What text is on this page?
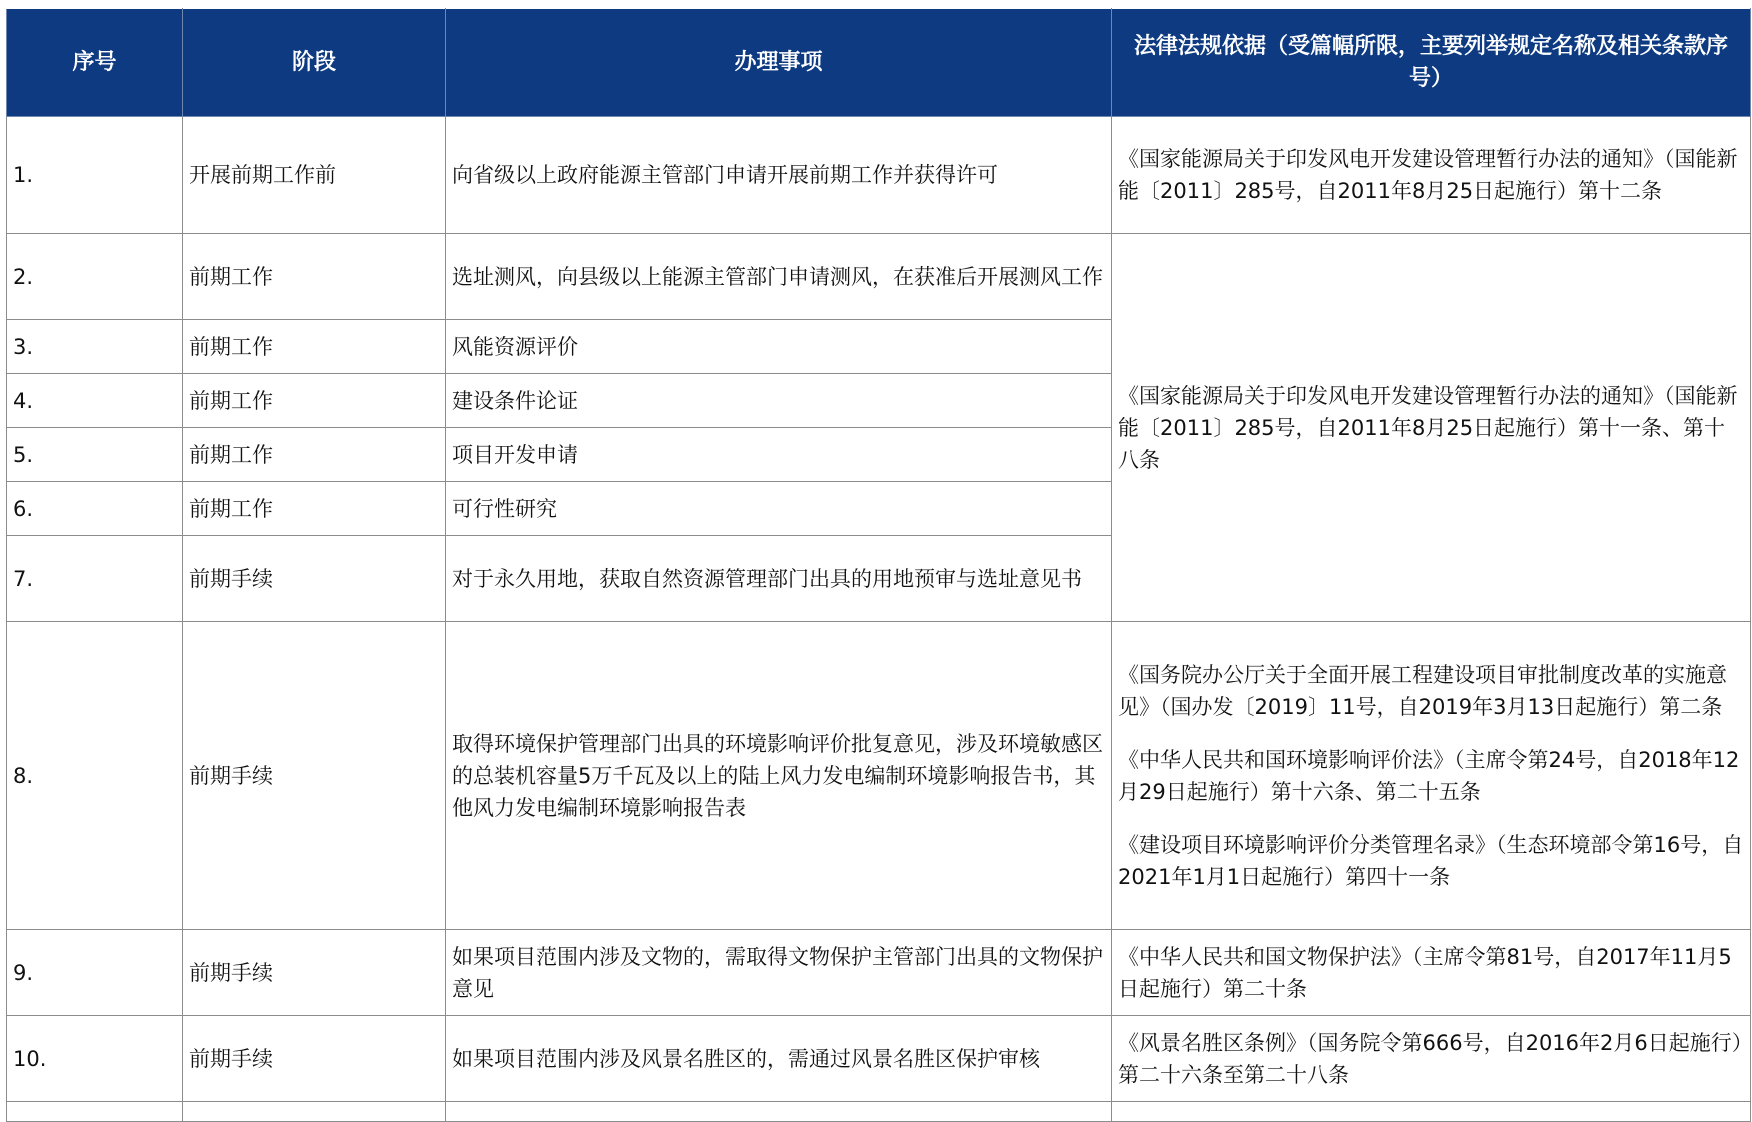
序号	阶段	办理事项	法律法规依据（受篇幅所限，主要列举规定名称及相关条款序号）
1.	开展前期工作前	向省级以上政府能源主管部门申请开展前期工作并获得许可	《国家能源局关于印发风电开发建设管理暂行办法的通知》（国能新能〔2011〕285号，自2011年8月25日起施行）第十二条
2.	前期工作	选址测风，向县级以上能源主管部门申请测风，在获准后开展测风工作	《国家能源局关于印发风电开发建设管理暂行办法的通知》（国能新能〔2011〕285号，自2011年8月25日起施行）第十一条、第十八条
3.	前期工作	风能资源评价	
4.	前期工作	建设条件论证	
5.	前期工作	项目开发申请	
6.	前期工作	可行性研究	
7.	前期手续	对于永久用地，获取自然资源管理部门出具的用地预审与选址意见书	
8.	前期手续	取得环境保护管理部门出具的环境影响评价批复意见，涉及环境敏感区的总装机容量5万千瓦及以上的陆上风力发电编制环境影响报告书，其他风力发电编制环境影响报告表	《国务院办公厅关于全面开展工程建设项目审批制度改革的实施意见》（国办发〔2019〕11号，自2019年3月13日起施行）第二条

《中华人民共和国环境影响评价法》（主席令第24号，自2018年12月29日起施行）第十六条、第二十五条

《建设项目环境影响评价分类管理名录》（生态环境部令第16号，自2021年1月1日起施行）第四十一条

9.	前期手续	如果项目范围内涉及文物的，需取得文物保护主管部门出具的文物保护意见	《中华人民共和国文物保护法》（主席令第81号，自2017年11月5日起施行）第二十条
10.	前期手续	如果项目范围内涉及风景名胜区的，需通过风景名胜区保护审核	《风景名胜区条例》（国务院令第666号，自2016年2月6日起施行）第二十六条至第二十八条
